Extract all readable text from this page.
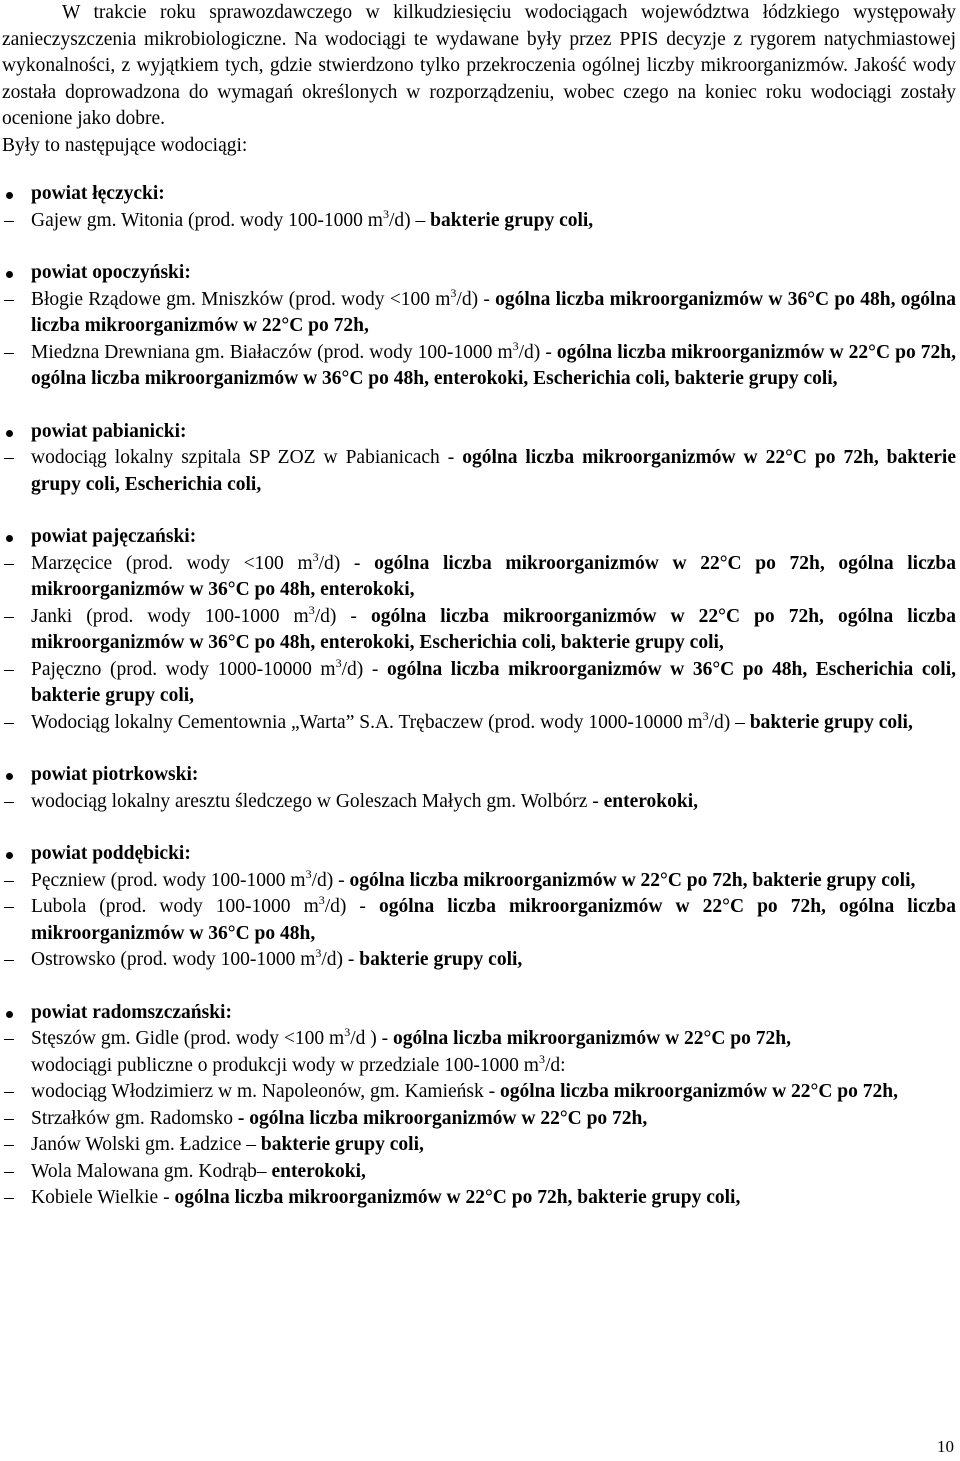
W trakcie roku sprawozdawczego w kilkudziesięciu wodociągach województwa łódzkiego występowały zanieczyszczenia mikrobiologiczne. Na wodociągi te wydawane były przez PPIS decyzje z rygorem natychmiastowej wykonalności, z wyjątkiem tych, gdzie stwierdzono tylko przekroczenia ogólnej liczby mikroorganizmów. Jakość wody została doprowadzona do wymagań określonych w rozporządzeniu, wobec czego na koniec roku wodociągi zostały ocenione jako dobre.

Były to następujące wodociągi:

powiat łęczycki:

Gajew gm. Witonia (prod. wody 100-1000 $m^3/d$) – bakterie grupy coli,

powiat opoczyński:

Błogie Rządowe gm. Mniszków (prod. wody <100 $m^3/d$) - ogólna liczba mikroorganizmów w 36°C po 48h, ogólna liczba mikroorganizmów w 22°C po 72h,

Miedzna Drewniana gm. Białaczów (prod. wody 100-1000 $m^3/d$) - ogólna liczba mikroorganizmów w 22°C po 72h, ogólna liczba mikroorganizmów w 36°C po 48h, enterokoki, Escherichia coli, bakterie grupy coli,

powiat pabianicki:

wodociąg lokalny szpitala SP ZOZ w Pabianicach - ogólna liczba mikroorganizmów w 22°C po 72h, bakterie grupy coli, Escherichia coli,

powiat pajęczański:

Marzęcice (prod. wody <100 $m^3/d$) - ogólna liczba mikroorganizmów w 22°C po 72h, ogólna liczba mikroorganizmów w 36°C po 48h, enterokoki,

Janki (prod. wody 100-1000 $m^3/d$) - ogólna liczba mikroorganizmów w 22°C po 72h, ogólna liczba mikroorganizmów w 36°C po 48h, enterokoki, Escherichia coli, bakterie grupy coli,

Pajęczno (prod. wody 1000-10000 $m^3/d$) - ogólna liczba mikroorganizmów w 36°C po 48h, Escherichia coli, bakterie grupy coli,

Wodociąg lokalny Cementownia „Warta” S.A. Trębaczew (prod. wody 1000-10000 $m^3/d$) – bakterie grupy coli,

powiat piotrkowski:

wodociąg lokalny aresztu śledczego w Goleszach Małych gm. Wolbórz - enterokoki,

powiat poddębicki:

Pęczniew (prod. wody 100-1000 $m^3/d$) - ogólna liczba mikroorganizmów w 22°C po 72h, bakterie grupy coli,

Lubola (prod. wody 100-1000 $m^3/d$) - ogólna liczba mikroorganizmów w 22°C po 72h, ogólna liczba mikroorganizmów w 36°C po 48h,

Ostrowsko (prod. wody 100-1000 $m^3/d$) - bakterie grupy coli,

powiat radomszczański:

Stęszów gm. Gidle (prod. wody <100 $m^3/d$ ) - ogólna liczba mikroorganizmów w 22°C po 72h,

wodociągi publiczne o produkcji wody w przedziale 100-1000 $m^3/d$:

wodociąg Włodzimierz w m. Napoleonów, gm. Kamieńsk - ogólna liczba mikroorganizmów w 22°C po 72h,

Strzałków gm. Radomsko - ogólna liczba mikroorganizmów w 22°C po 72h,

Janów Wolski gm. Ładzice – bakterie grupy coli,

Wola Malowana gm. Kodrąb– enterokoki,

Kobiele Wielkie - ogólna liczba mikroorganizmów w 22°C po 72h, bakterie grupy coli,

10
